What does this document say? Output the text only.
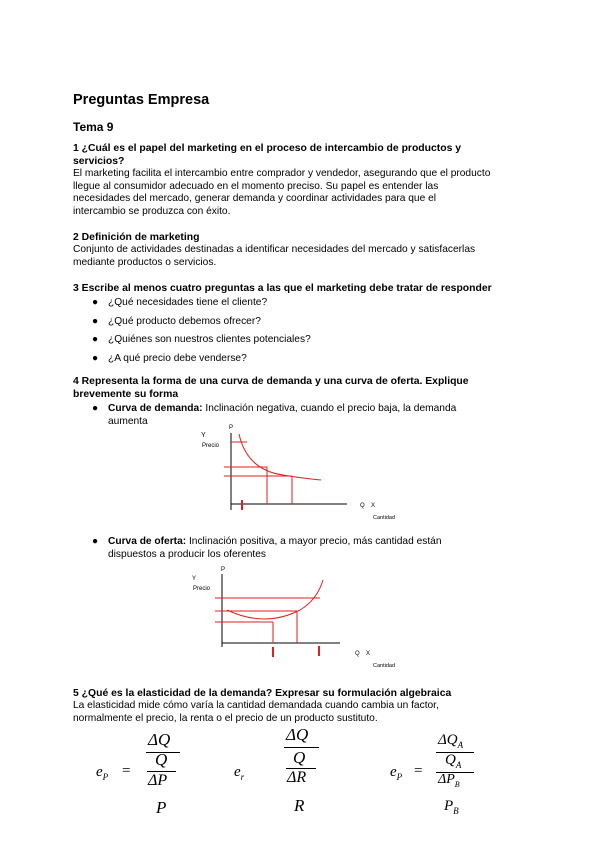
Preguntas Empresa
Tema 9
1 ¿Cuál es el papel del marketing en el proceso de intercambio de productos y
servicios?
El marketing facilita el intercambio entre comprador y vendedor, asegurando que el producto
llegue al consumidor adecuado en el momento preciso. Su papel es entender las
necesidades del mercado, generar demanda y coordinar actividades para que el
intercambio se produzca con éxito.
2 Definición de marketing
Conjunto de actividades destinadas a identificar necesidades del mercado y satisfacerlas
mediante productos o servicios.
3 Escribe al menos cuatro preguntas a las que el marketing debe tratar de responder
● ¿Qué necesidades tiene el cliente?
● ¿Qué producto debemos ofrecer?
● ¿Quiénes son nuestros clientes potenciales?
● ¿A qué precio debe venderse?
4 Representa la forma de una curva de demanda y una curva de oferta. Explique
brevemente su forma
● Curva de demanda: Inclinación negativa, cuando el precio baja, la demanda
aumenta
Y
P
Precio
Q X
Cantidad
● Curva de oferta: Inclinación positiva, a mayor precio, más cantidad están
dispuestos a producir los oferentes
Y
P
Precio
Q X
Cantidad
5 ¿Qué es la elasticidad de la demanda? Expresar su formulación algebraica
La elasticidad mide cómo varía la cantidad demandada cuando cambia un factor,
normalmente el precio, la renta o el precio de un producto sustituto.
$e_P$ =
ΔQ
Q
ΔP
P
$e_r$
ΔQ
Q
ΔR
R
$e_P$ =
$\Delta Q_A$
$Q_A$
$\Delta P_B$
$P_B$
